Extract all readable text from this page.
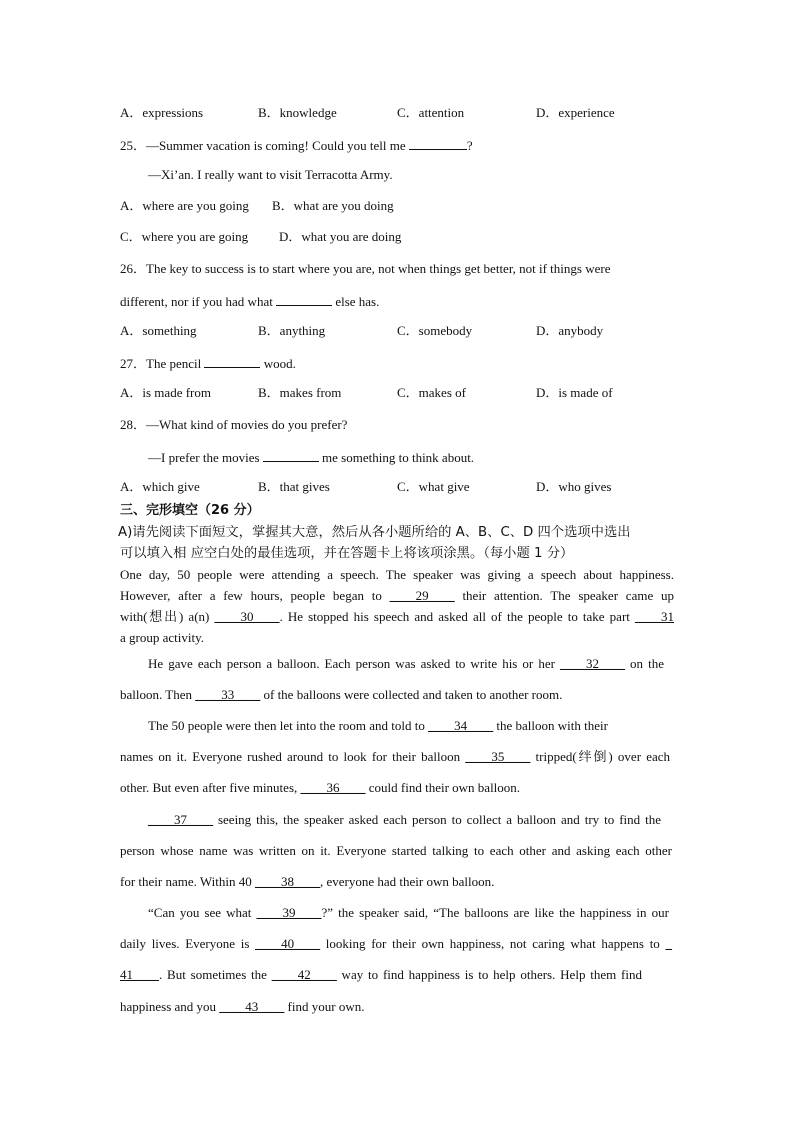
A．expressions	B．knowledge	C．attention	D．experience
25．—Summer vacation is coming! Could you tell me	?
—Xi’an. I really want to visit Terracotta Army.
A．where are you going B．what are you doing
C．where you are going D．what you are doing
26．The key to success is to start where you are, not when things get better, not if things were
different, nor if you had what	else has.
A．something	B．anything	C．somebody	D．anybody
27．The pencil	wood.
A．is made from	B．makes from	C．makes of	D．is made of
28．—What kind of movies do you prefer?
—I prefer the movies	me something to think about.
A．which give	B．that gives	C．what give	D．who gives
三、完形填空（26 分）
A)请先阅读下面短文，掌握其大意，然后从各小题所给的 A、B、C、D 四个选项中选出
可以填入相 应空白处的最佳选项，并在答题卡上将该项涂黑。（每小题 1 分）
One day, 50 people were attending a speech. The speaker was giving a speech about happiness.
However, after a few hours, people began to ____29____ their attention. The speaker came up
with(想出) a(n) ____30____. He stopped his speech and asked all of the people to take part ____31
a group activity.
He gave each person a balloon. Each person was asked to write his or her ____32____ on the
balloon. Then ____33____ of the balloons were collected and taken to another room.
The 50 people were then let into the room and told to ____34____ the balloon with their
names on it. Everyone rushed around to look for their balloon ____35____ tripped(绊倒) over each
other. But even after five minutes, ____36____ could find their own balloon.
____37____ seeing this, the speaker asked each person to collect a balloon and try to find the
person whose name was written on it. Everyone started talking to each other and asking each other
for their name. Within 40 ____38____, everyone had their own balloon.
“Can you see what ____39____?” the speaker said, “The balloons are like the happiness in our
daily lives. Everyone is ____40____ looking for their own happiness, not caring what happens to _
41____. But sometimes the ____42____ way to find happiness is to help others. Help them find
happiness and you ____43____ find your own.
